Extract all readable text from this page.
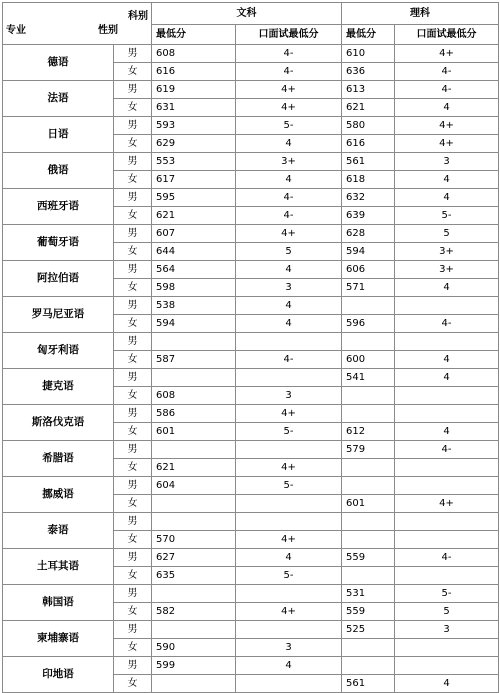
科别
专业 性别		文科		理科	
		最低分	口面试最低分	最低分	口面试最低分
德语	男	608	4-	610	4+
	女	616	4-	636	4-
法语	男	619	4+	613	4-
	女	631	4+	621	4
日语	男	593	5-	580	4+
	女	629	4	616	4+
俄语	男	553	3+	561	3
	女	617	4	618	4
西班牙语	男	595	4-	632	4
	女	621	4-	639	5-
葡萄牙语	男	607	4+	628	5
	女	644	5	594	3+
阿拉伯语	男	564	4	606	3+
	女	598	3	571	4
罗马尼亚语	男	538	4		
	女	594	4	596	4-
匈牙利语	男				
	女	587	4-	600	4
捷克语	男			541	4
	女	608	3		
斯洛伐克语	男	586	4+		
	女	601	5-	612	4
希腊语	男			579	4-
	女	621	4+		
挪威语	男	604	5-		
	女			601	4+
泰语	男				
	女	570	4+		
土耳其语	男	627	4	559	4-
	女	635	5-		
韩国语	男			531	5-
	女	582	4+	559	5
柬埔寨语	男			525	3
	女	590	3		
印地语	男	599	4		
	女			561	4
